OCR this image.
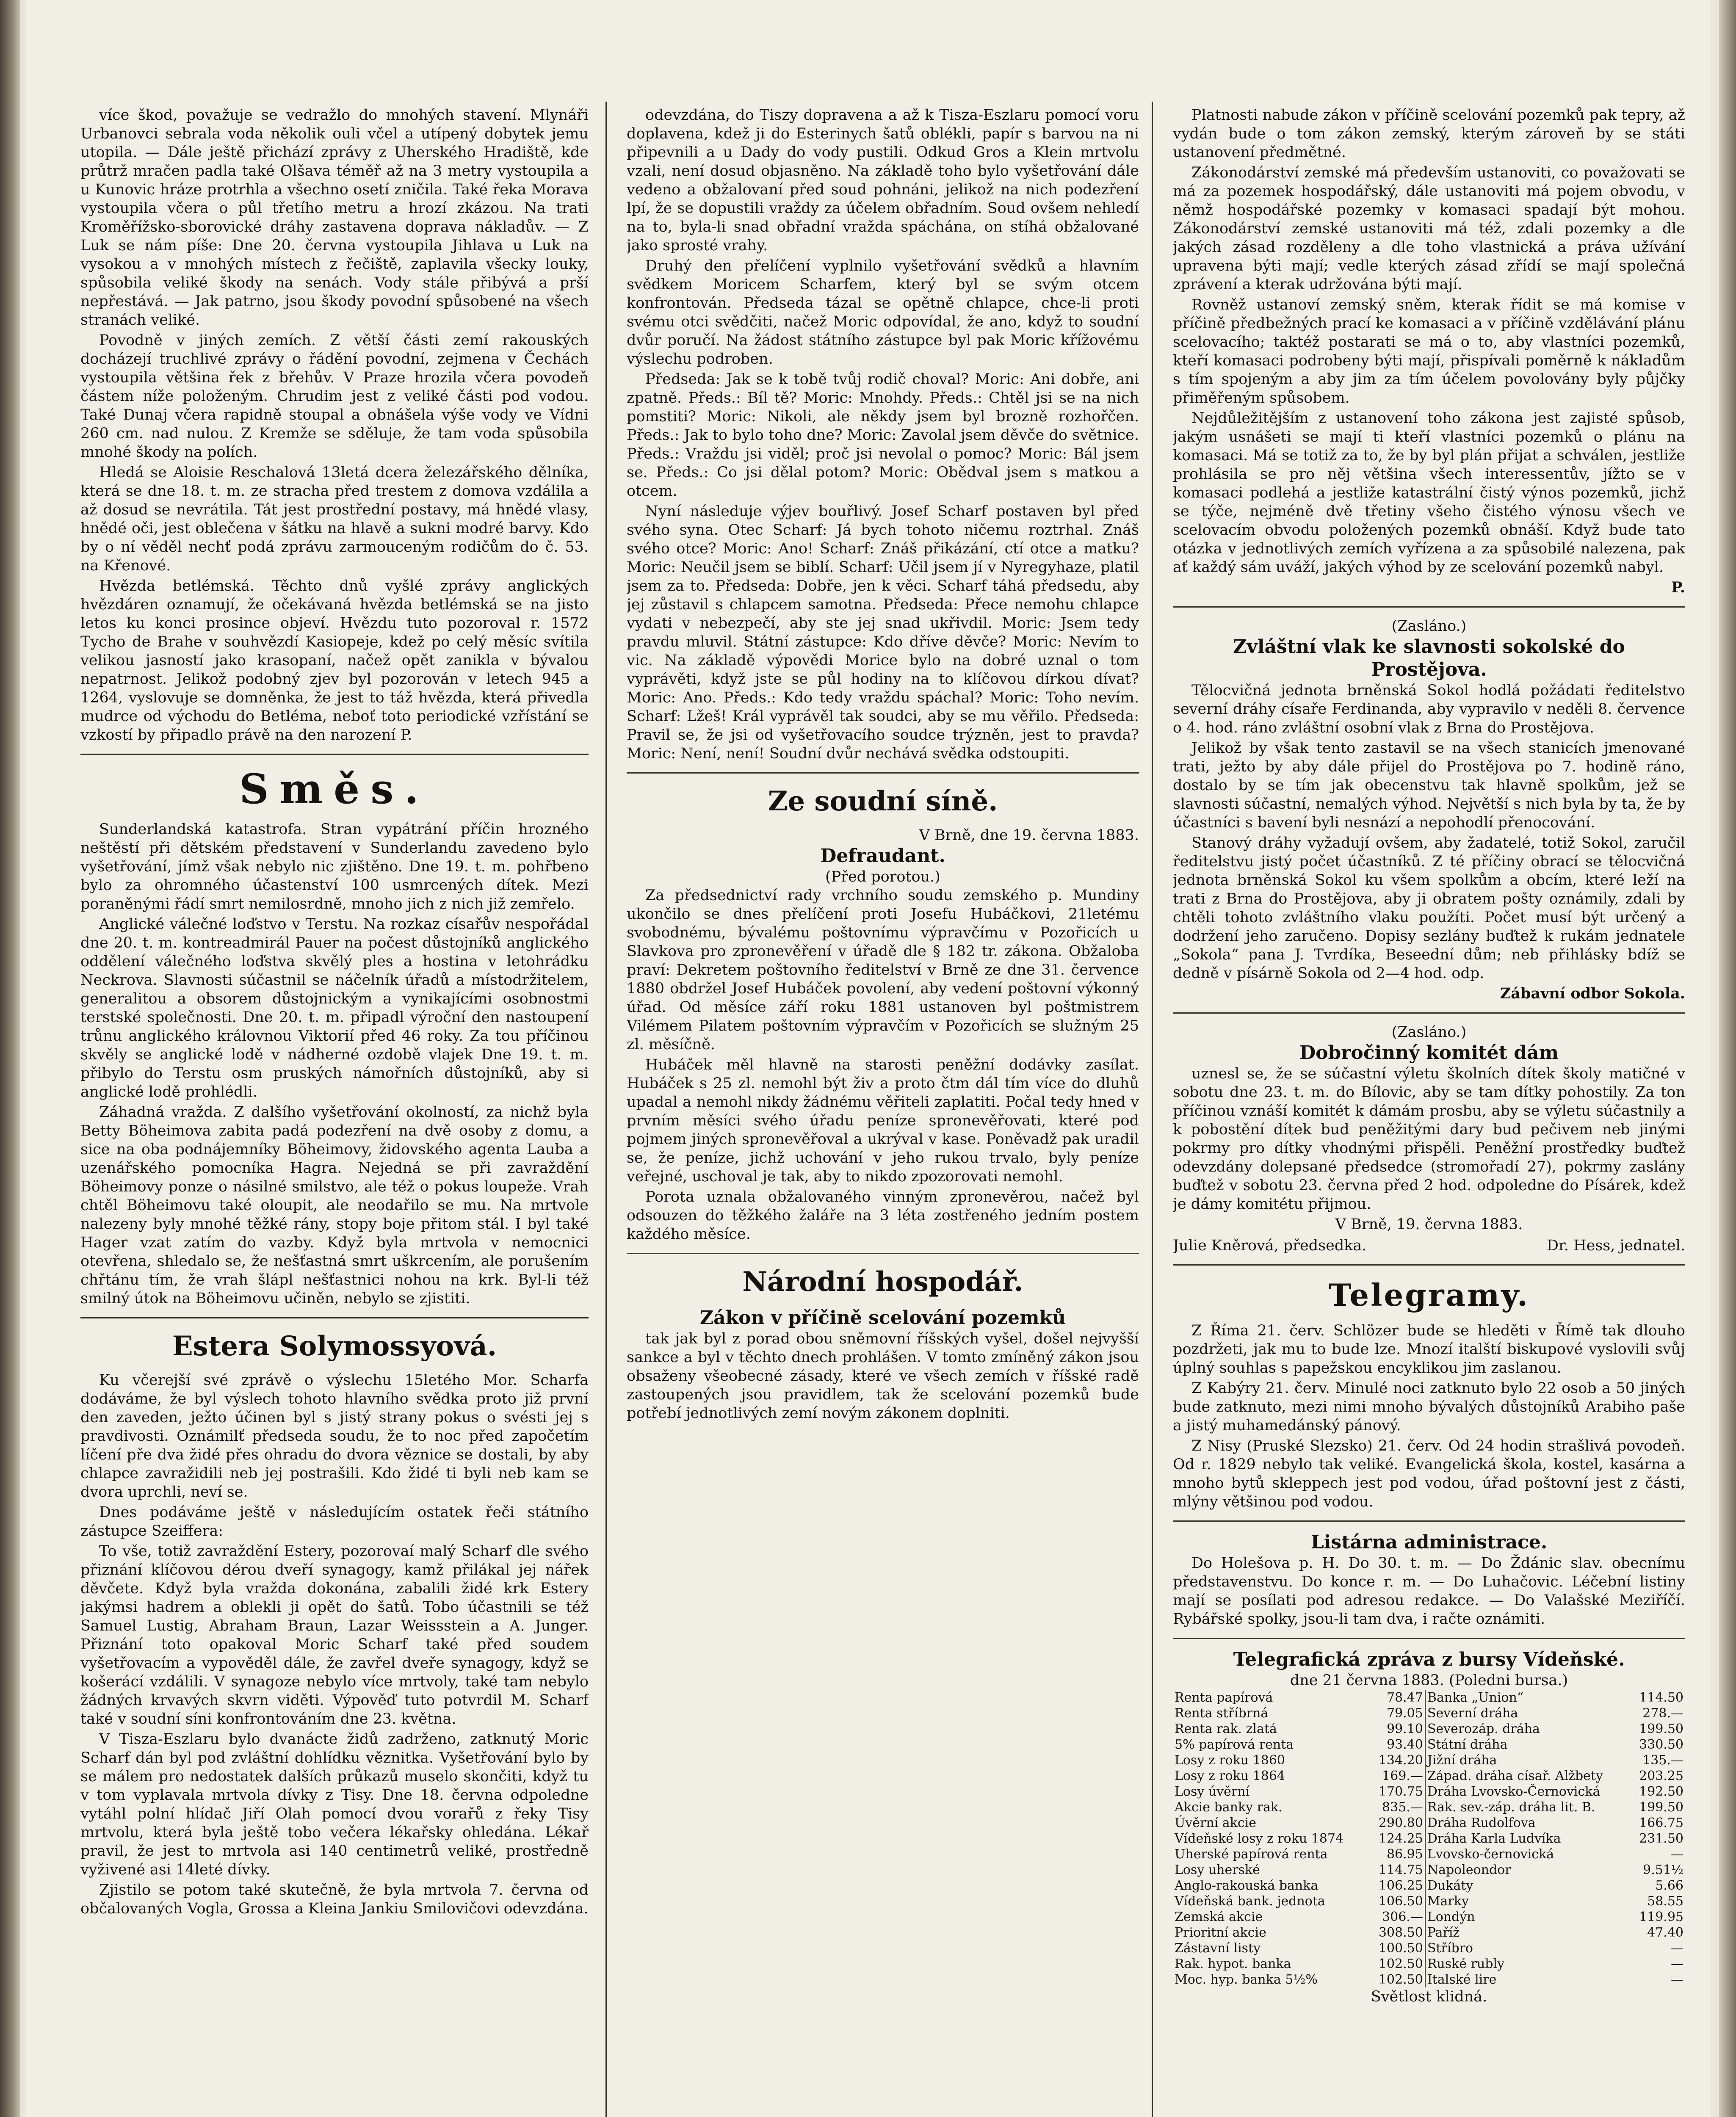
více škod, považuje se vedražlo do mnohých stavení. Mlynáři Urbanovci sebrala voda několik ouli včel a utípený dobytek jemu utopila. — Dále ještě přichází zprávy z Uherského Hradiště, kde průtrž mračen padla také Olšava téměř až na 3 metry vystoupila a u Kunovic hráze protrhla a všechno osetí zničila. Také řeka Morava vystoupila včera o půl třetího metru a hrozí zkázou. Na trati Kroměřížsko-sborovické dráhy zastavena doprava nákladův. — Z Luk se nám píše: Dne 20. června vystoupila Jihlava u Luk na vysokou a v mnohých místech z řečiště, zaplavila všecky louky, spůsobila veliké škody na senách. Vody stále přibývá a prší nepřestává. — Jak patrno, jsou škody povodní spůsobené na všech stranách veliké.

Povodně v jiných zemích. Z větší části zemí rakouských docházejí truchlivé zprávy o řádění povodní, zejmena v Čechách vystoupila většina řek z břehův. V Praze hrozila včera povodeň částem níže položeným. Chrudim jest z veliké části pod vodou. Také Dunaj včera rapidně stoupal a obnášela výše vody ve Vídni 260 cm. nad nulou. Z Kremže se sděluje, že tam voda spůsobila mnohé škody na polích.

Hledá se Aloisie Reschalová 13letá dcera železářského dělníka, která se dne 18. t. m. ze stracha před trestem z domova vzdálila a až dosud se nevrátila. Tát jest prostřední postavy, má hnědé vlasy, hnědé oči, jest oblečena v šátku na hlavě a sukni modré barvy. Kdo by o ní věděl nechť podá zprávu zarmouceným rodičům do č. 53. na Křenové.

Hvězda betlémská. Těchto dnů vyšlé zprávy anglických hvězdáren oznamují, že očekávaná hvězda betlémská se na jisto letos ku konci prosince objeví. Hvězdu tuto pozoroval r. 1572 Tycho de Brahe v souhvězdí Kasiopeje, kdež po celý měsíc svítila velikou jasností jako krasopaní, načež opět zanikla v bývalou nepatrnost. Jelikož podobný zjev byl pozorován v letech 945 a 1264, vyslovuje se domněnka, že jest to táž hvězda, která přivedla mudrce od východu do Betléma, neboť toto periodické vzřístání se vzkostí by připadlo právě na den narození P.

Směs.

Sunderlandská katastrofa. Stran vypátrání příčin hrozného neštěstí při dětském představení v Sunderlandu zavedeno bylo vyšetřování, jímž však nebylo nic zjištěno. Dne 19. t. m. pohřbeno bylo za ohromného účastenství 100 usmrcených dítek. Mezi poraněnými řádí smrt nemilosrdně, mnoho jich z nich již zemřelo.

Anglické válečné loďstvo v Terstu. Na rozkaz císařův nespořádal dne 20. t. m. kontreadmirál Pauer na počest důstojníků anglického oddělení válečného loďstva skvělý ples a hostina v letohrádku Neckrova. Slavnosti súčastnil se náčelník úřadů a místodržitelem, generalitou a obsorem důstojnickým a vynikajícími osobnostmi terstské společnosti. Dne 20. t. m. připadl výroční den nastoupení trůnu anglického královnou Viktorií před 46 roky. Za tou příčinou skvěly se anglické lodě v nádherné ozdobě vlajek Dne 19. t. m. přibylo do Terstu osm pruských námořních důstojníků, aby si anglické lodě prohlédli.

Záhadná vražda. Z dalšího vyšetřování okolností, za nichž byla Betty Böheimova zabita padá podezření na dvě osoby z domu, a sice na oba podnájemníky Böheimovy, židovského agenta Lauba a uzenářského pomocníka Hagra. Nejedná se při zavraždění Böheimovy ponze o násilné smilstvo, ale též o pokus loupeže. Vrah chtěl Böheimovu také oloupit, ale neodařilo se mu. Na mrtvole nalezeny byly mnohé těžké rány, stopy boje přitom stál. I byl také Hager vzat zatím do vazby. Když byla mrtvola v nemocnici otevřena, shledalo se, že nešťastná smrt uškrcením, ale porušením chřtánu tím, že vrah šlápl nešťastnici nohou na krk. Byl-li též smilný útok na Böheimovu učiněn, nebylo se zjistiti.

Estera Solymossyová.

Ku včerejší své zprávě o výslechu 15letého Mor. Scharfa dodáváme, že byl výslech tohoto hlavního svědka proto již první den zaveden, ježto účinen byl s jistý strany pokus o svésti jej s pravdivosti. Oznámilť předseda soudu, že to noc před započetím líčení pře dva židé přes ohradu do dvora věznice se dostali, by aby chlapce zavražidili neb jej postrašili. Kdo židé ti byli neb kam se dvora uprchli, neví se.

Dnes podáváme ještě v následujícím ostatek řeči státního zástupce Szeiffera:

To vše, totiž zavraždění Estery, pozorovaí malý Scharf dle svého přiznání klíčovou dérou dveří synagogy, kamž přilákal jej nářek děvčete. Když byla vražda dokonána, zabalili židé krk Estery jakýmsi hadrem a oblekli ji opět do šatů. Tobo účastnili se též Samuel Lustig, Abraham Braun, Lazar Weissstein a A. Junger. Přiznání toto opakoval Moric Scharf také před soudem vyšetřovacím a vypověděl dále, že zavřel dveře synagogy, když se košerácí vzdálili. V synagoze nebylo více mrtvoly, také tam nebylo žádných krvavých skvrn viděti. Výpověď tuto potvrdil M. Scharf také v soudní síni konfrontováním dne 23. května.

V Tisza-Eszlaru bylo dvanácte židů zadrženo, zatknutý Moric Scharf dán byl pod zvláštní dohlídku věznitka. Vyšetřování bylo by se málem pro nedostatek dalších průkazů muselo skončiti, když tu v tom vyplavala mrtvola dívky z Tisy. Dne 18. června odpoledne vytáhl polní hlídač Jiří Olah pomocí dvou vorařů z řeky Tisy mrtvolu, která byla ještě tobo večera lékařsky ohledána. Lékař pravil, že jest to mrtvola asi 140 centimetrů veliké, prostředně vyživené asi 14leté dívky.

Zjistilo se potom také skutečně, že byla mrtvola 7. června od občalovaných Vogla, Grossa a Kleina Jankiu Smilovičovi odevzdána.

odevzdána, do Tiszy dopravena a až k Tisza-Eszlaru pomocí voru doplavena, kdež ji do Esterinych šatů oblékli, papír s barvou na ni připevnili a u Dady do vody pustili. Odkud Gros a Klein mrtvolu vzali, není dosud objasněno. Na základě toho bylo vyšetřování dále vedeno a obžalovaní před soud pohnáni, jelikož na nich podezření lpí, že se dopustili vraždy za účelem obřadním. Soud ovšem nehledí na to, byla-li snad obřadní vražda spáchána, on stíhá obžalované jako sprosté vrahy.

Druhý den přelíčení vyplnilo vyšetřování svědků a hlavním svědkem Moricem Scharfem, který byl se svým otcem konfrontován. Předseda tázal se opětně chlapce, chce-li proti svému otci svědčiti, načež Moric odpovídal, že ano, když to soudní dvůr poručí. Na žádost státního zástupce byl pak Moric křížovému výslechu podroben.

Předseda: Jak se k tobě tvůj rodič choval? Moric: Ani dobře, ani zpatně. Předs.: Bíl tě? Moric: Mnohdy. Předs.: Chtěl jsi se na nich pomstiti? Moric: Nikoli, ale někdy jsem byl brozně rozhořčen. Předs.: Jak to bylo toho dne? Moric: Zavolal jsem děvče do světnice. Předs.: Vraždu jsi viděl; proč jsi nevolal o pomoc? Moric: Bál jsem se. Předs.: Co jsi dělal potom? Moric: Obědval jsem s matkou a otcem.

Nyní následuje výjev bouřlivý. Josef Scharf postaven byl před svého syna. Otec Scharf: Já bych tohoto ničemu roztrhal. Znáš svého otce? Moric: Ano! Scharf: Znáš přikázání, ctí otce a matku? Moric: Neučil jsem se biblí. Scharf: Učil jsem jí v Nyregyhaze, platil jsem za to. Předseda: Dobře, jen k věci. Scharf táhá předsedu, aby jej zůstavil s chlapcem samotna. Předseda: Přece nemohu chlapce vydati v nebezpečí, aby ste jej snad ukřivdil. Moric: Jsem tedy pravdu mluvil. Státní zástupce: Kdo dříve děvče? Moric: Nevím to vic. Na základě výpovědi Morice bylo na dobré uznal o tom vyprávěti, když jste se půl hodiny na to klíčovou dírkou dívat? Moric: Ano. Předs.: Kdo tedy vraždu spáchal? Moric: Toho nevím. Scharf: Lžeš! Král vyprávěl tak soudci, aby se mu věřilo. Předseda: Pravil se, že jsi od vyšetřovacího soudce trýzněn, jest to pravda? Moric: Není, není! Soudní dvůr nechává svědka odstoupiti.

Ze soudní síně.

V Brně, dne 19. června 1883.

Defraudant.

(Před porotou.)

Za předsednictví rady vrchního soudu zemského p. Mundiny ukončilo se dnes přelíčení proti Josefu Hubáčkovi, 21letému svobodnému, bývalému poštovnímu výpravčímu v Pozořicích u Slavkova pro zpronevěření v úřadě dle § 182 tr. zákona. Obžaloba praví: Dekretem poštovního ředitelství v Brně ze dne 31. července 1880 obdržel Josef Hubáček povolení, aby vedení poštovní výkonný úřad. Od měsíce září roku 1881 ustanoven byl poštmistrem Vilémem Pilatem poštovním výpravčím v Pozořicích se služným 25 zl. měsíčně.

Hubáček měl hlavně na starosti peněžní dodávky zasílat. Hubáček s 25 zl. nemohl být živ a proto čtm dál tím více do dluhů upadal a nemohl nikdy žádnému věřiteli zaplatiti. Počal tedy hned v prvním měsíci svého úřadu peníze spronevěřovati, které pod pojmem jiných spronevěřoval a ukrýval v kase. Poněvadž pak uradil se, že peníze, jichž uchování v jeho rukou trvalo, byly peníze veřejné, uschoval je tak, aby to nikdo zpozorovati nemohl.

Porota uznala obžalovaného vinným zpronevěrou, načež byl odsouzen do těžkého žaláře na 3 léta zostřeného jedním postem každého měsíce.

Národní hospodář.
Zákon v příčině scelování pozemků

tak jak byl z porad obou sněmovní říšských vyšel, došel nejvyšší sankce a byl v těchto dnech prohlášen. V tomto zmíněný zákon jsou obsaženy všeobecné zásady, které ve všech zemích v říšské radě zastoupených jsou pravidlem, tak že scelování pozemků bude potřebí jednotlivých zemí novým zákonem doplniti.

Platnosti nabude zákon v příčině scelování pozemků pak tepry, až vydán bude o tom zákon zemský, kterým zároveň by se státi ustanovení předmětné.

Zákonodárství zemské má především ustanoviti, co považovati se má za pozemek hospodářský, dále ustanoviti má pojem obvodu, v němž hospodářské pozemky v komasaci spadají být mohou. Zákonodárství zemské ustanoviti má též, zdali pozemky a dle jakých zásad rozděleny a dle toho vlastnická a práva užívání upravena býti mají; vedle kterých zásad zřídí se mají společná zprávení a kterak udržována býti mají.

Rovněž ustanoví zemský sněm, kterak řídit se má komise v příčině předbežných prací ke komasaci a v příčině vzdělávání plánu scelovacího; taktéž postarati se má o to, aby vlastníci pozemků, kteří komasaci podrobeny býti mají, přispívali poměrně k nákladům s tím spojeným a aby jim za tím účelem povolovány byly půjčky přiměřeným spůsobem.

Nejdůležitějším z ustanovení toho zákona jest zajisté spůsob, jakým usnášeti se mají ti kteří vlastníci pozemků o plánu na komasaci. Má se totiž za to, že by byl plán přijat a schválen, jestliže prohlásila se pro něj většina všech interessentův, jížto se v komasaci podlehá a jestliže katastrální čistý výnos pozemků, jichž se týče, nejméně dvě třetiny všeho čistého výnosu všech ve scelovacím obvodu položených pozemků obnáší. Když bude tato otázka v jednotlivých zemích vyřízena a za spůsobilé nalezena, pak ať každý sám uváží, jakých výhod by ze scelování pozemků nabyl.

P.

(Zasláno.)

Zvláštní vlak ke slavnosti sokolské do Prostějova.

Tělocvičná jednota brněnská Sokol hodlá požádati ředitelstvo severní dráhy císaře Ferdinanda, aby vypravilo v neděli 8. července o 4. hod. ráno zvláštní osobní vlak z Brna do Prostějova.

Jelikož by však tento zastavil se na všech stanicích jmenované trati, ježto by aby dále přijel do Prostějova po 7. hodině ráno, dostalo by se tím jak obecenstvu tak hlavně spolkům, jež se slavnosti súčastní, nemalých výhod. Největší s nich byla by ta, že by účastníci s bavení byli nesnází a nepohodlí přenocování.

Stanový dráhy vyžadují ovšem, aby žadatelé, totiž Sokol, zaručil ředitelstvu jistý počet účastníků. Z té příčiny obrací se tělocvičná jednota brněnská Sokol ku všem spolkům a obcím, které leží na trati z Brna do Prostějova, aby ji obratem pošty oznámily, zdali by chtěli tohoto zvláštního vlaku použíti. Počet musí být určený a dodržení jeho zaručeno. Dopisy sezlány buďtež k rukám jednatele „Sokola“ pana J. Tvrdíka, Beseední dům; neb přihlásky bdíž se dedně v písárně Sokola od 2—4 hod. odp.

Zábavní odbor Sokola.

(Zasláno.)

Dobročinný komitét dám

uznesl se, že se súčastní výletu školních dítek školy matičné v sobotu dne 23. t. m. do Bílovic, aby se tam dítky pohostily. Za ton příčinou vznáší komitét k dámám prosbu, aby se výletu súčastnily a k pobostění dítek bud peněžitými dary bud pečivem neb jinými pokrmy pro dítky vhodnými přispěli. Peněžní prostředky buďtež odevzdány dolepsané předsedce (stromořadí 27), pokrmy zaslány buďtež v sobotu 23. června před 2 hod. odpoledne do Písárek, kdež je dámy komitétu přijmou.

V Brně, 19. června 1883.

Julie Kněrová, předsedka.	Dr. Hess, jednatel.
Telegramy.

Z Říma 21. červ. Schlözer bude se hleděti v Římě tak dlouho pozdržeti, jak mu to bude lze. Mnozí italští biskupové vyslovili svůj úplný souhlas s papežskou encyklikou jim zaslanou.

Z Kabýry 21. červ. Minulé noci zatknuto bylo 22 osob a 50 jiných bude zatknuto, mezi nimi mnoho bývalých důstojníků Arabiho paše a jistý muhamedánský pánový.

Z Nisy (Pruské Slezsko) 21. červ. Od 24 hodin strašlivá povodeň. Od r. 1829 nebylo tak veliké. Evangelická škola, kostel, kasárna a mnoho bytů skleppech jest pod vodou, úřad poštovní jest z části, mlýny většinou pod vodou.

Listárna administrace.

Do Holešova p. H. Do 30. t. m. — Do Ždánic slav. obecnímu představenstvu. Do konce r. m. — Do Luhačovic. Léčební listiny mají se posílati pod adresou redakce. — Do Valašské Meziříčí. Rybářské spolky, jsou-li tam dva, i račte oznámiti.

Telegrafická zpráva z bursy Vídeňské.

dne 21 června 1883. (Poledni bursa.)

Renta papírová	78.47	Banka „Union“	114.50
Renta stříbrná	79.05	Severní dráha	278.—
Renta rak. zlatá	99.10	Severozáp. dráha	199.50
5% papírová renta	93.40	Státní dráha	330.50
Losy z roku 1860	134.20	Jižní dráha	135.—
Losy z roku 1864	169.—	Západ. dráha císař. Alžbety	203.25
Losy úvěrní	170.75	Dráha Lvovsko-Černovická	192.50
Akcie banky rak.	835.—	Rak. sev.-záp. dráha lit. B.	199.50
Úvěrní akcie	290.80	Dráha Rudolfova	166.75
Vídeňské losy z roku 1874	124.25	Dráha Karla Ludvíka	231.50
Uherské papírová renta	86.95	Lvovsko-černovická	—
Losy uherské	114.75	Napoleondor	9.51½
Anglo-rakouská banka	106.25	Dukáty	5.66
Vídeňská bank. jednota	106.50	Marky	58.55
Zemská akcie	306.—	Londýn	119.95
Prioritní akcie	308.50	Paříž	47.40
Zástavní listy	100.50	Stříbro	—
Rak. hypot. banka	102.50	Ruské rubly	—
Moc. hyp. banka 5½%	102.50	Italské lire	—

Světlost klidná.
